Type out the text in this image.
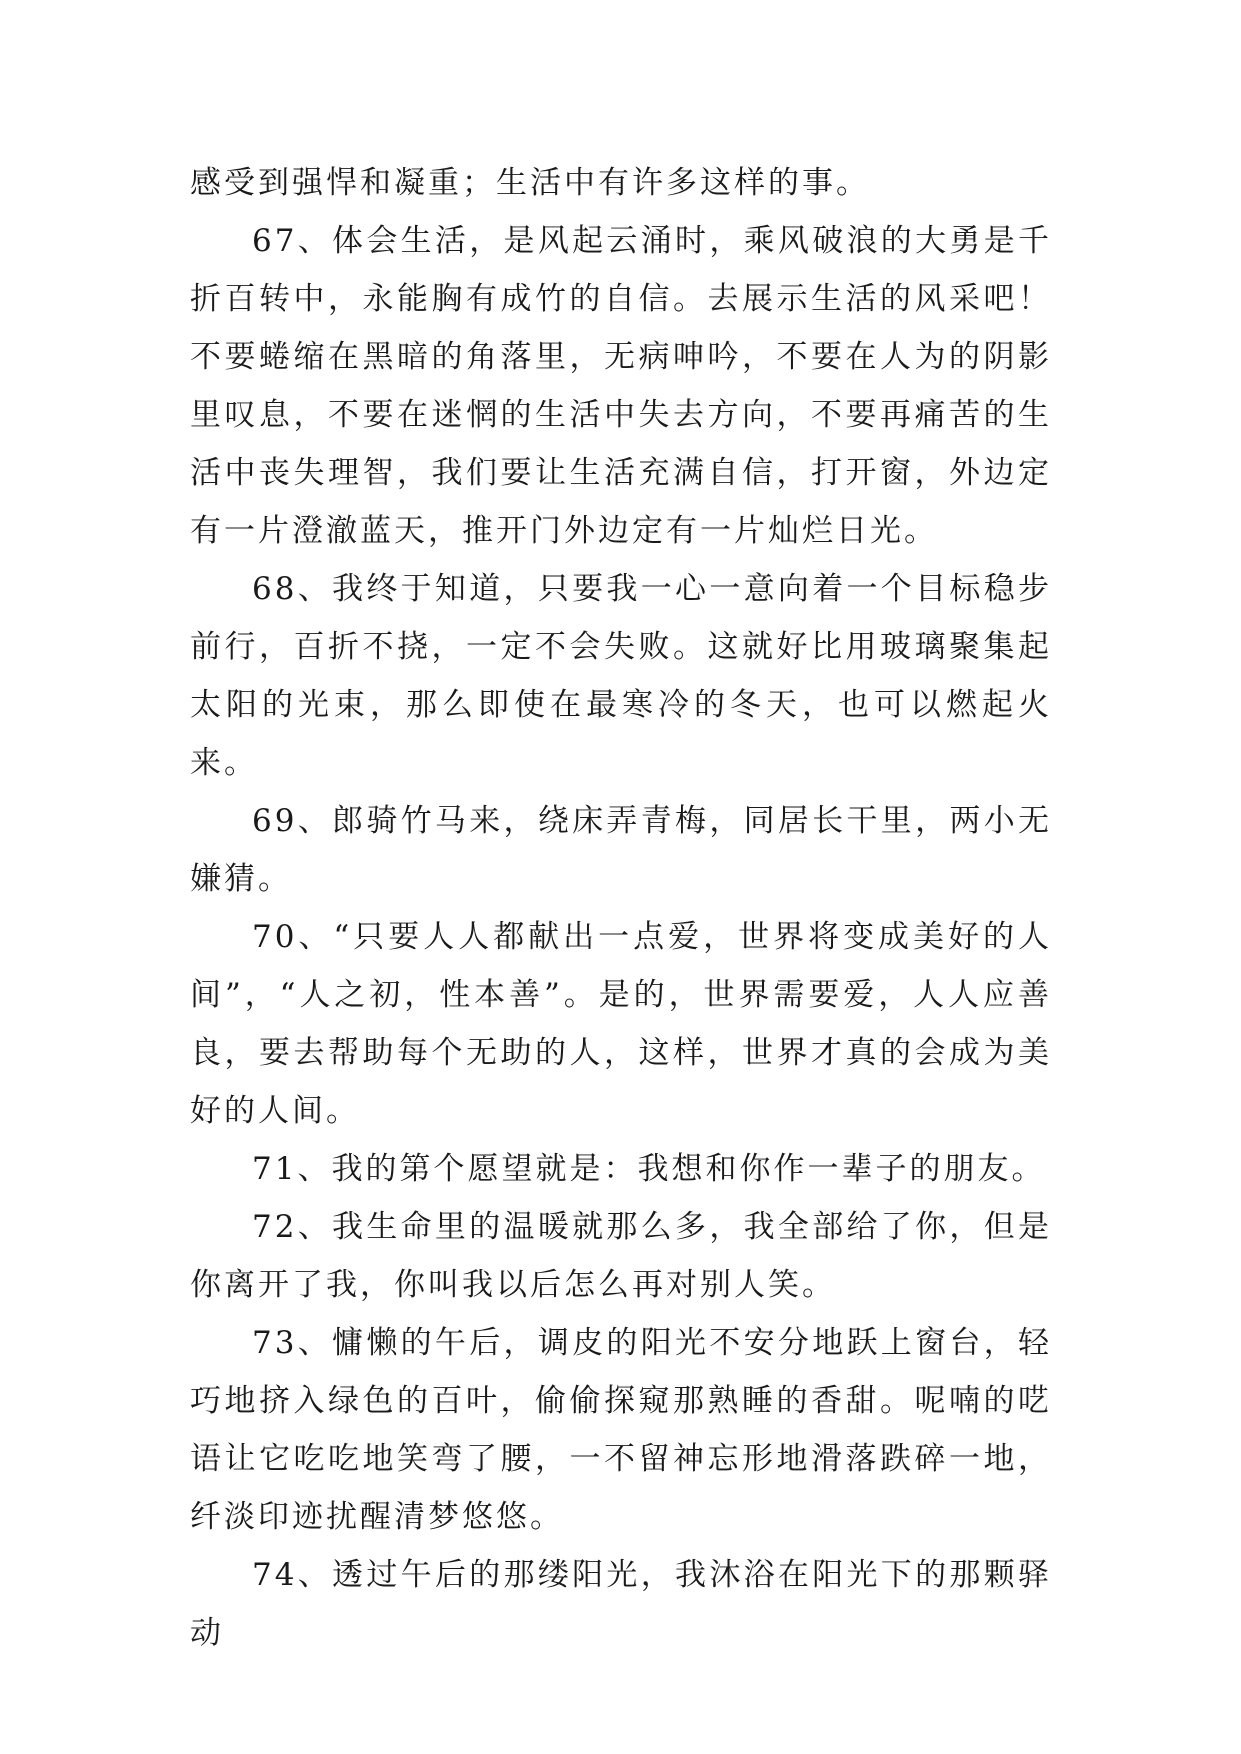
感受到强悍和凝重；生活中有许多这样的事。

67、体会生活，是风起云涌时，乘风破浪的大勇是千折百转中，永能胸有成竹的自信。去展示生活的风采吧！不要蜷缩在黑暗的角落里，无病呻吟，不要在人为的阴影里叹息，不要在迷惘的生活中失去方向，不要再痛苦的生活中丧失理智，我们要让生活充满自信，打开窗，外边定有一片澄澈蓝天，推开门外边定有一片灿烂日光。

68、我终于知道，只要我一心一意向着一个目标稳步前行，百折不挠，一定不会失败。这就好比用玻璃聚集起太阳的光束，那么即使在最寒冷的冬天，也可以燃起火来。

69、郎骑竹马来，绕床弄青梅，同居长干里，两小无嫌猜。

70、“只要人人都献出一点爱，世界将变成美好的人间”，“人之初，性本善”。是的，世界需要爱，人人应善良，要去帮助每个无助的人，这样，世界才真的会成为美好的人间。

71、我的第个愿望就是：我想和你作一辈子的朋友。

72、我生命里的温暖就那么多，我全部给了你，但是你离开了我，你叫我以后怎么再对别人笑。

73、慵懒的午后，调皮的阳光不安分地跃上窗台，轻巧地挤入绿色的百叶，偷偷探窥那熟睡的香甜。呢喃的呓语让它吃吃地笑弯了腰，一不留神忘形地滑落跌碎一地，纤淡印迹扰醒清梦悠悠。

74、透过午后的那缕阳光，我沐浴在阳光下的那颗驿动
